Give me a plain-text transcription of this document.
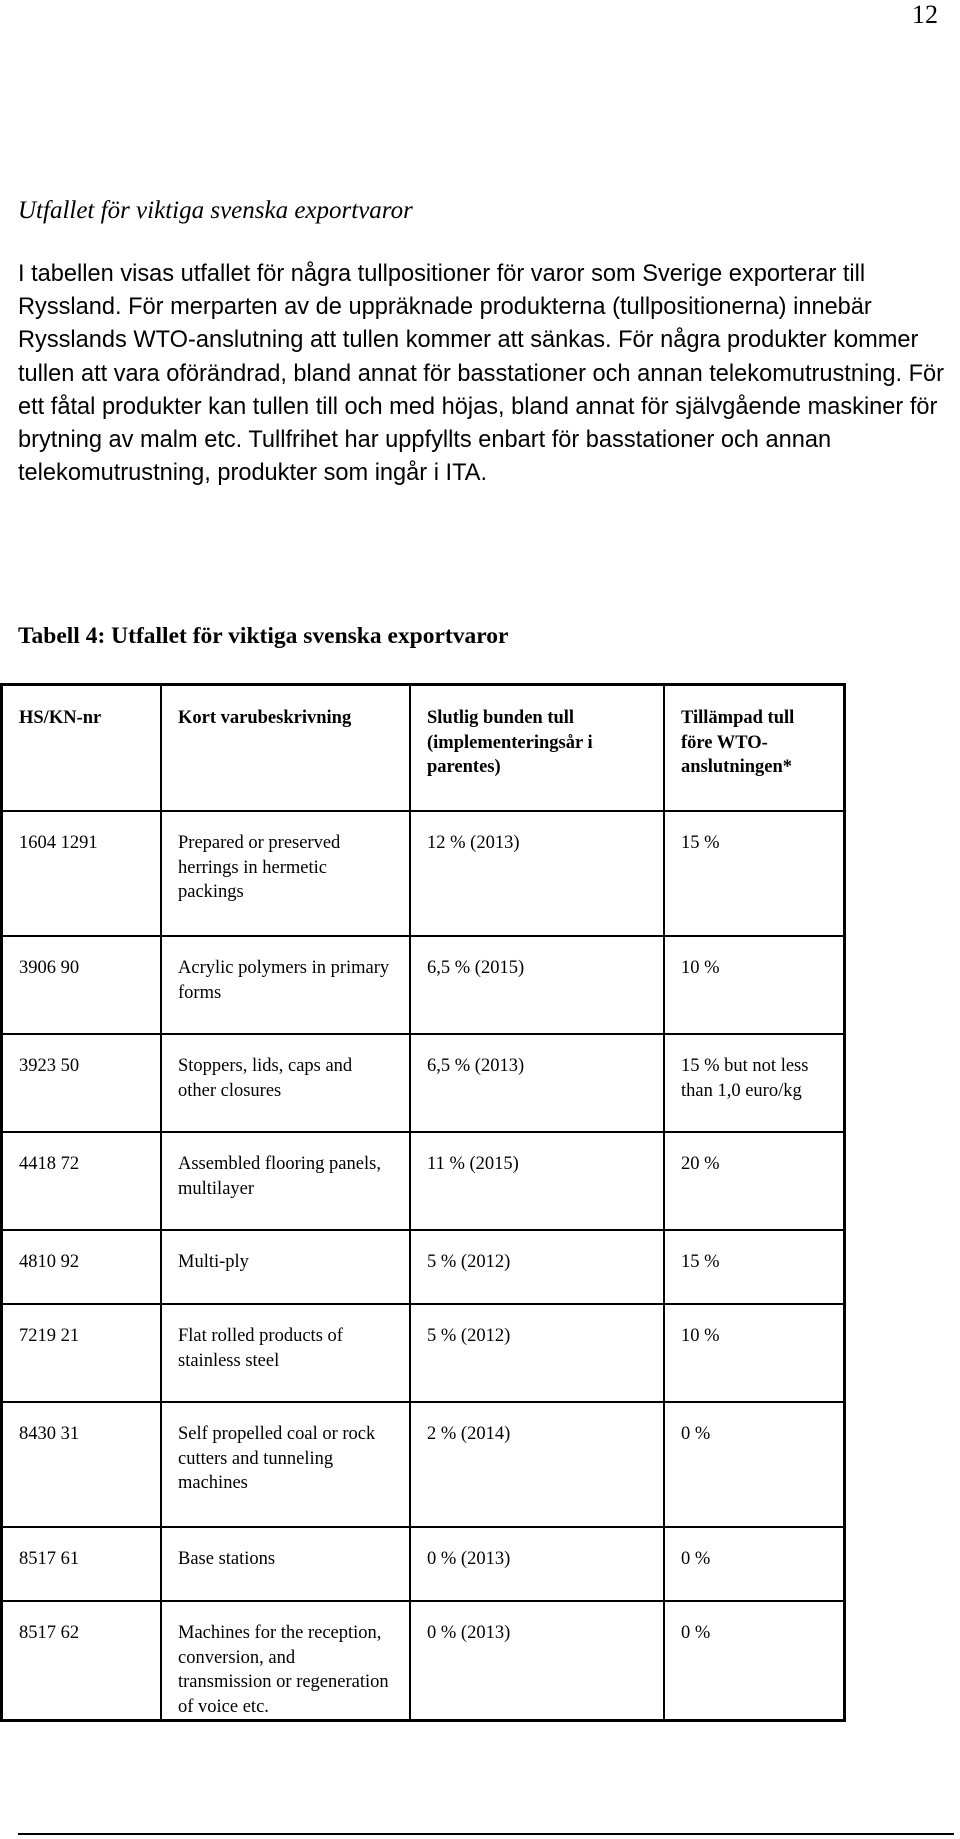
12
Utfallet för viktiga svenska exportvaror
I tabellen visas utfallet för några tullpositioner för varor som Sverige exporterar till Ryssland. För merparten av de uppräknade produkterna (tullpositionerna) innebär Rysslands WTO-anslutning att tullen kommer att sänkas. För några produkter kommer tullen att vara oförändrad, bland annat för basstationer och annan telekomutrustning. För ett fåtal produkter kan tullen till och med höjas, bland annat för självgående maskiner för brytning av malm etc. Tullfrihet har uppfyllts enbart för basstationer och annan telekomutrustning, produkter som ingår i ITA.
Tabell 4: Utfallet för viktiga svenska exportvaror
HS/KN-nr	Kort varubeskrivning	Slutlig bunden tull (implementeringsår i parentes)	Tillämpad tull före WTO-anslutningen*
1604 1291	Prepared or preserved herrings in hermetic packings	12 % (2013)	15 %
3906 90	Acrylic polymers in primary forms	6,5 % (2015)	10 %
3923 50	Stoppers, lids, caps and other closures	6,5 % (2013)	15 % but not less than 1,0 euro/kg
4418 72	Assembled flooring panels, multilayer	11 % (2015)	20 %
4810 92	Multi-ply	5 % (2012)	15 %
7219 21	Flat rolled products of stainless steel	5 % (2012)	10 %
8430 31	Self propelled coal or rock cutters and tunneling machines	2 % (2014)	0 %
8517 61	Base stations	0 % (2013)	0 %
8517 62	Machines for the reception, conversion, and transmission or regeneration of voice etc.	0 % (2013)	0 %
